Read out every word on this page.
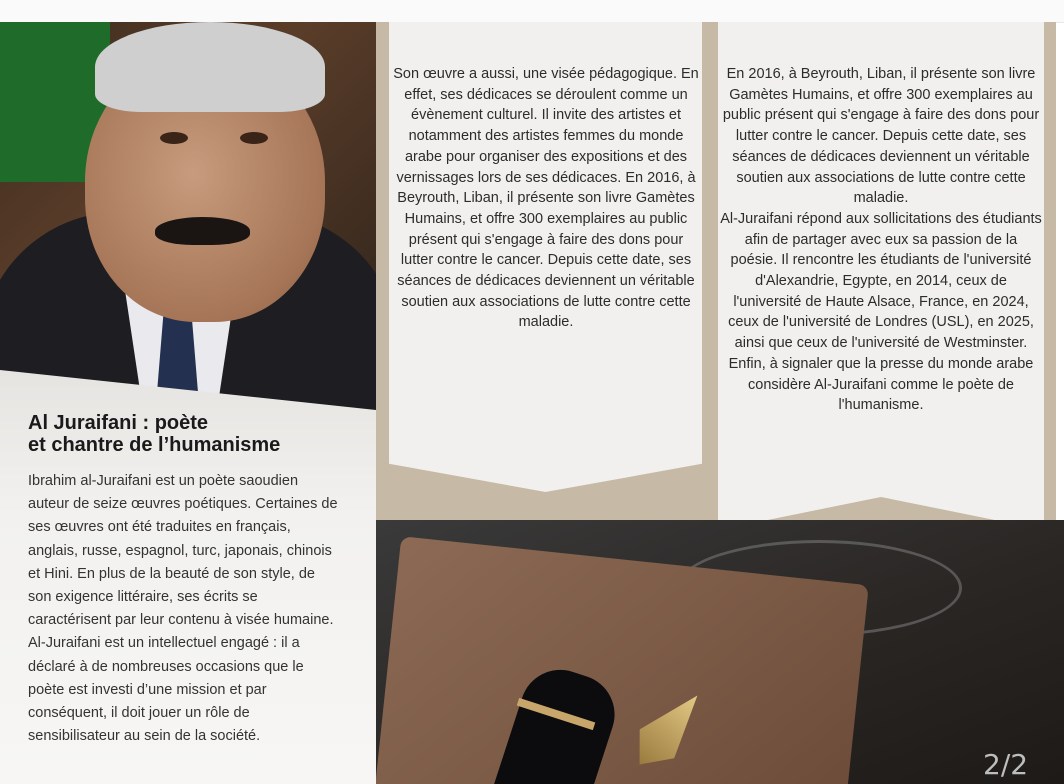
Al Juraifani : poète
et chantre de l’humanisme

Ibrahim al-Juraifani est un poète saoudien auteur de seize œuvres poétiques. Certaines de ses œuvres ont été traduites en français, anglais, russe, espagnol, turc, japonais, chinois et Hini. En plus de la beauté de son style, de son exigence littéraire, ses écrits se caractérisent par leur contenu à visée humaine. Al-Juraifani est un intellectuel engagé : il a déclaré à de nombreuses occasions que le poète est investi d’une mission et par conséquent, il doit jouer un rôle de sensibilisateur au sein de la société.

Son œuvre a aussi, une visée pédagogique. En effet, ses dédicaces se déroulent comme un évènement culturel. Il invite des artistes et notamment des artistes femmes du monde arabe pour organiser des expositions et des vernissages lors de ses dédicaces. En 2016, à Beyrouth, Liban, il présente son livre Gamètes Humains, et offre 300 exemplaires au public présent qui s'engage à faire des dons pour lutter contre le cancer. Depuis cette date, ses séances de dédicaces deviennent un véritable soutien aux associations de lutte contre cette maladie.

En 2016, à Beyrouth, Liban, il présente son livre Gamètes Humains, et offre 300 exemplaires au public présent qui s'engage à faire des dons pour lutter contre le cancer. Depuis cette date, ses séances de dédicaces deviennent un véritable soutien aux associations de lutte contre cette maladie.
Al-Juraifani répond aux sollicitations des étudiants afin de partager avec eux sa passion de la poésie. Il rencontre les étudiants de l'université d'Alexandrie, Egypte, en 2014, ceux de l'université de Haute Alsace, France, en 2024, ceux de l'université de Londres (USL), en 2025, ainsi que ceux de l'université de Westminster. Enfin, à signaler que la presse du monde arabe considère Al-Juraifani comme le poète de l'humanisme.
2/2
